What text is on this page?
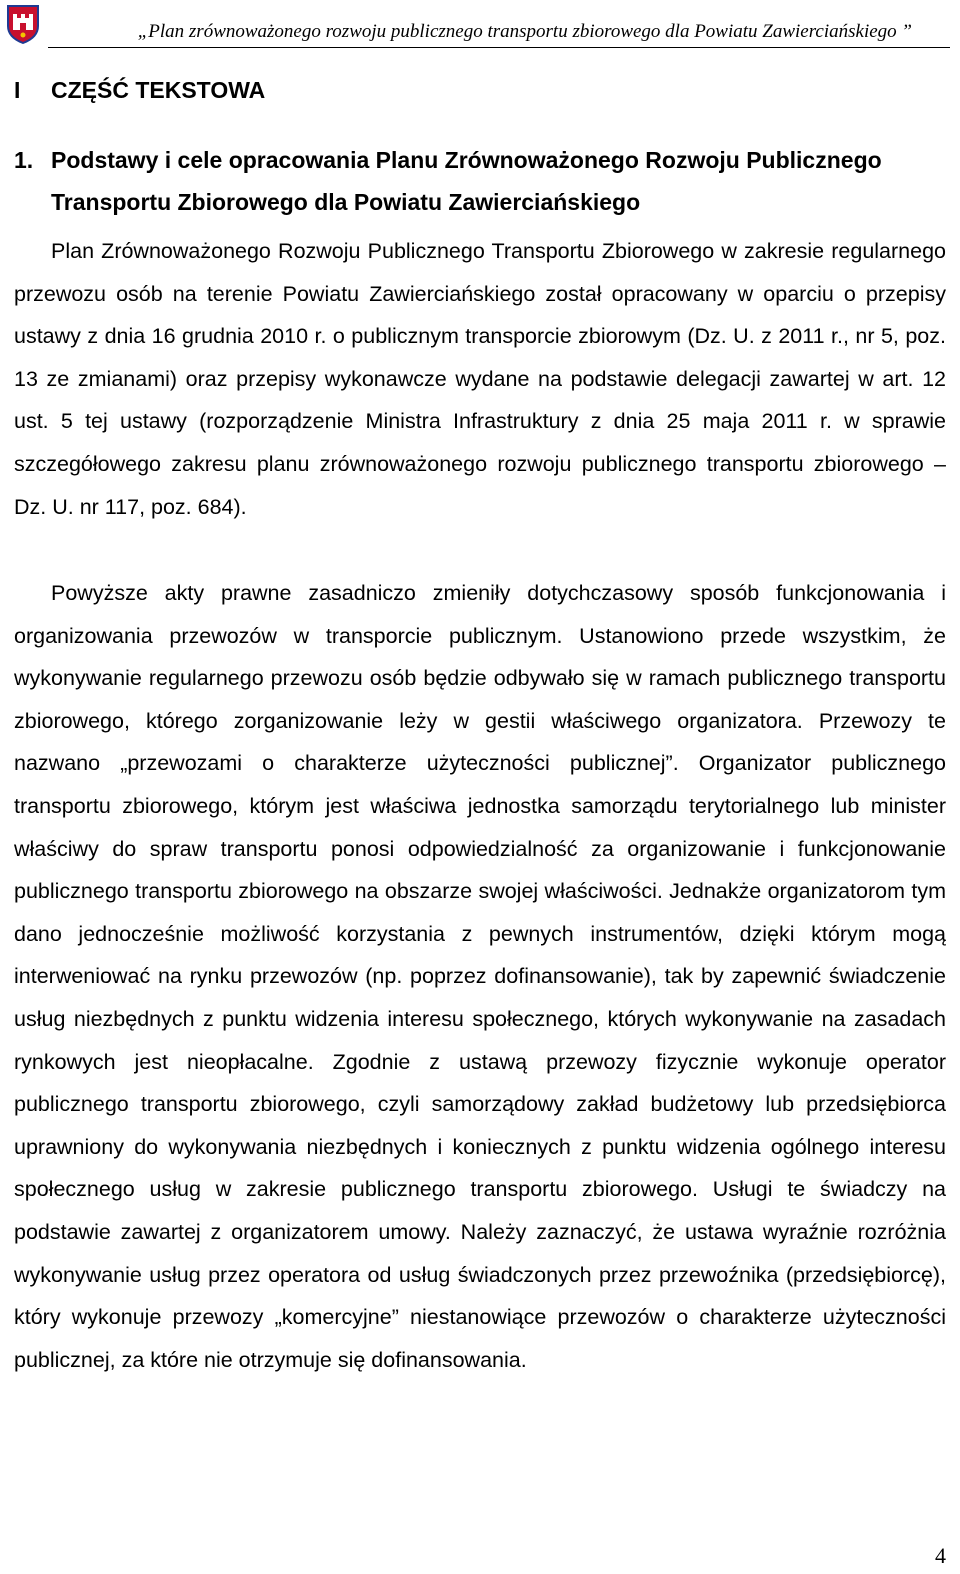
„Plan zrównoważonego rozwoju publicznego transportu zbiorowego dla Powiatu Zawierciańskiego ”
I CZĘŚĆ TEKSTOWA
1. Podstawy i cele opracowania Planu Zrównoważonego Rozwoju Publicznego Transportu Zbiorowego dla Powiatu Zawierciańskiego

Plan Zrównoważonego Rozwoju Publicznego Transportu Zbiorowego w zakresie regularnego przewozu osób na terenie Powiatu Zawierciańskiego został opracowany w oparciu o przepisy ustawy z dnia 16 grudnia 2010 r. o publicznym transporcie zbiorowym (Dz. U. z 2011 r., nr 5, poz. 13 ze zmianami) oraz przepisy wykonawcze wydane na podstawie delegacji zawartej w art. 12 ust. 5 tej ustawy (rozporządzenie Ministra Infrastruktury z dnia 25 maja 2011 r. w sprawie szczegółowego zakresu planu zrównoważonego rozwoju publicznego transportu zbiorowego – Dz. U. nr 117, poz. 684).

Powyższe akty prawne zasadniczo zmieniły dotychczasowy sposób funkcjonowania i organizowania przewozów w transporcie publicznym. Ustanowiono przede wszystkim, że wykonywanie regularnego przewozu osób będzie odbywało się w ramach publicznego transportu zbiorowego, którego zorganizowanie leży w gestii właściwego organizatora. Przewozy te nazwano „przewozami o charakterze użyteczności publicznej”. Organizator publicznego transportu zbiorowego, którym jest właściwa jednostka samorządu terytorialnego lub minister właściwy do spraw transportu ponosi odpowiedzialność za organizowanie i funkcjonowanie publicznego transportu zbiorowego na obszarze swojej właściwości. Jednakże organizatorom tym dano jednocześnie możliwość korzystania z pewnych instrumentów, dzięki którym mogą interweniować na rynku przewozów (np. poprzez dofinansowanie), tak by zapewnić świadczenie usług niezbędnych z punktu widzenia interesu społecznego, których wykonywanie na zasadach rynkowych jest nieopłacalne. Zgodnie z ustawą przewozy fizycznie wykonuje operator publicznego transportu zbiorowego, czyli samorządowy zakład budżetowy lub przedsiębiorca uprawniony do wykonywania niezbędnych i koniecznych z punktu widzenia ogólnego interesu społecznego usług w zakresie publicznego transportu zbiorowego. Usługi te świadczy na podstawie zawartej z organizatorem umowy. Należy zaznaczyć, że ustawa wyraźnie rozróżnia wykonywanie usług przez operatora od usług świadczonych przez przewoźnika (przedsiębiorcę), który wykonuje przewozy „komercyjne” niestanowiące przewozów o charakterze użyteczności publicznej, za które nie otrzymuje się dofinansowania.

4
